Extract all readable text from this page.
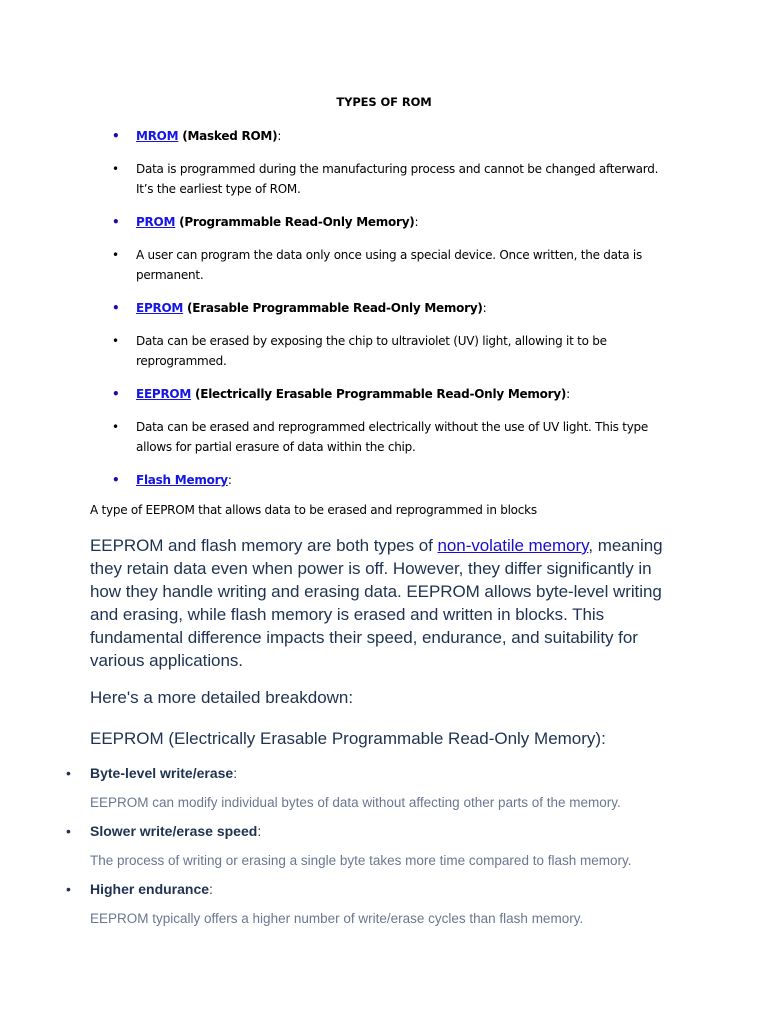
TYPES OF ROM
•	MROM (Masked ROM):
•	Data is programmed during the manufacturing process and cannot be changed afterward. It’s the earliest type of ROM.
•	PROM (Programmable Read-Only Memory):
•	A user can program the data only once using a special device. Once written, the data is permanent.
•	EPROM (Erasable Programmable Read-Only Memory):
•	Data can be erased by exposing the chip to ultraviolet (UV) light, allowing it to be reprogrammed.
•	EEPROM (Electrically Erasable Programmable Read-Only Memory):
•	Data can be erased and reprogrammed electrically without the use of UV light. This type allows for partial erasure of data within the chip.
•	Flash Memory:
A type of EEPROM that allows data to be erased and reprogrammed in blocks

EEPROM and flash memory are both types of non-volatile memory, meaning they retain data even when power is off. However, they differ significantly in how they handle writing and erasing data. EEPROM allows byte-level writing and erasing, while flash memory is erased and written in blocks. This fundamental difference impacts their speed, endurance, and suitability for various applications.

Here's a more detailed breakdown:

EEPROM (Electrically Erasable Programmable Read-Only Memory):

• Byte-level write/erase:
EEPROM can modify individual bytes of data without affecting other parts of the memory.
• Slower write/erase speed:
The process of writing or erasing a single byte takes more time compared to flash memory.
• Higher endurance:
EEPROM typically offers a higher number of write/erase cycles than flash memory.
